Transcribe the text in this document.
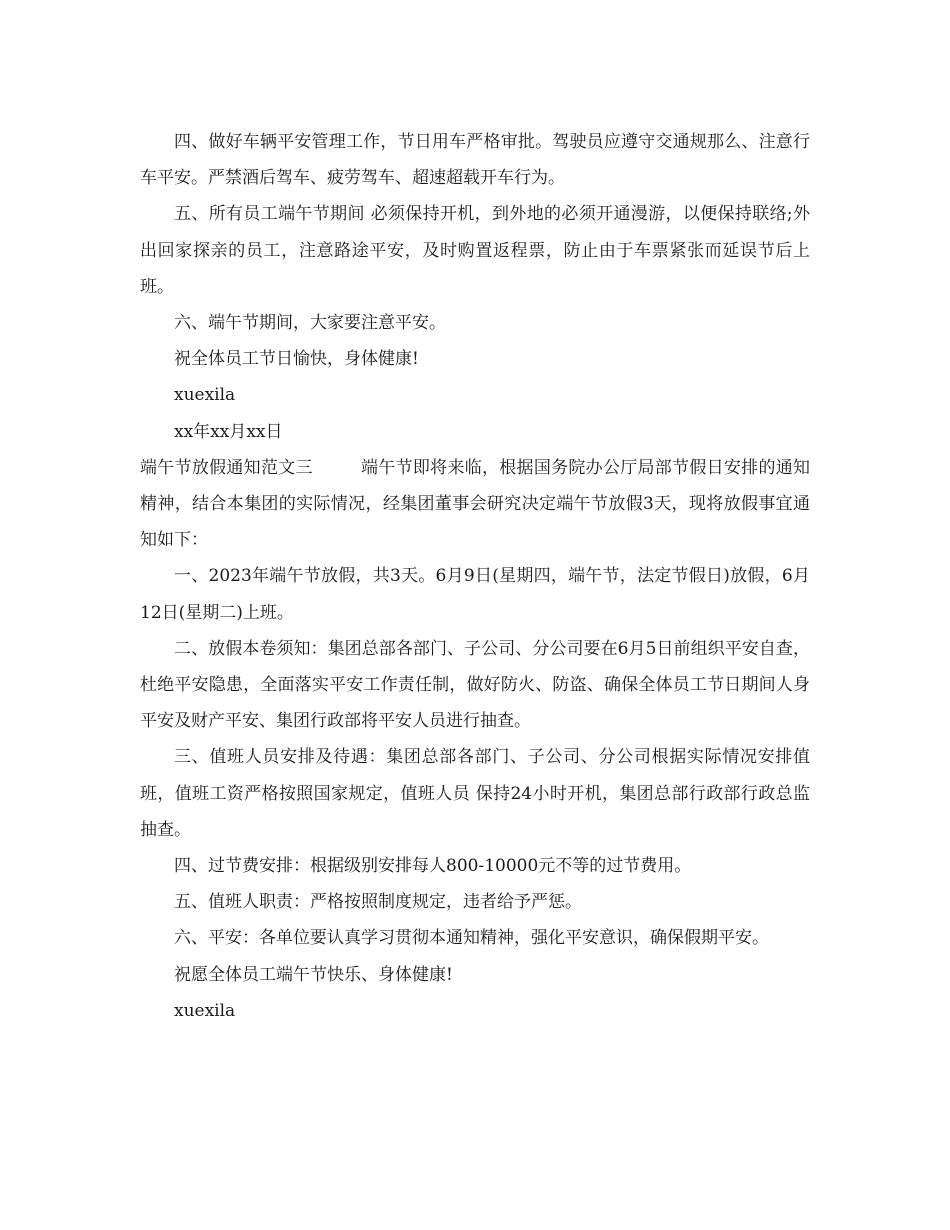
四、做好车辆平安管理工作，节日用车严格审批。驾驶员应遵守交通规那么、注意行车平安。严禁酒后驾车、疲劳驾车、超速超载开车行为。

五、所有员工端午节期间 必须保持开机，到外地的必须开通漫游，以便保持联络;外出回家探亲的员工，注意路途平安，及时购置返程票，防止由于车票紧张而延误节后上班。

六、端午节期间，大家要注意平安。

祝全体员工节日愉快，身体健康!

xuexila

xx年xx月xx日

端午节放假通知范文三	端午节即将来临，根据国务院办公厅局部节假日安排的通知精神，结合本集团的实际情况，经集团董事会研究决定端午节放假3天，现将放假事宜通知如下：

一、2023年端午节放假，共3天。6月9日(星期四，端午节，法定节假日)放假，6月12日(星期二)上班。

二、放假本卷须知：集团总部各部门、子公司、分公司要在6月5日前组织平安自查，杜绝平安隐患，全面落实平安工作责任制，做好防火、防盗、确保全体员工节日期间人身平安及财产平安、集团行政部将平安人员进行抽查。

三、值班人员安排及待遇：集团总部各部门、子公司、分公司根据实际情况安排值班，值班工资严格按照国家规定，值班人员 保持24小时开机，集团总部行政部行政总监 抽查。

四、过节费安排：根据级别安排每人800-10000元不等的过节费用。

五、值班人职责：严格按照制度规定，违者给予严惩。

六、平安：各单位要认真学习贯彻本通知精神，强化平安意识，确保假期平安。

祝愿全体员工端午节快乐、身体健康!

xuexila
